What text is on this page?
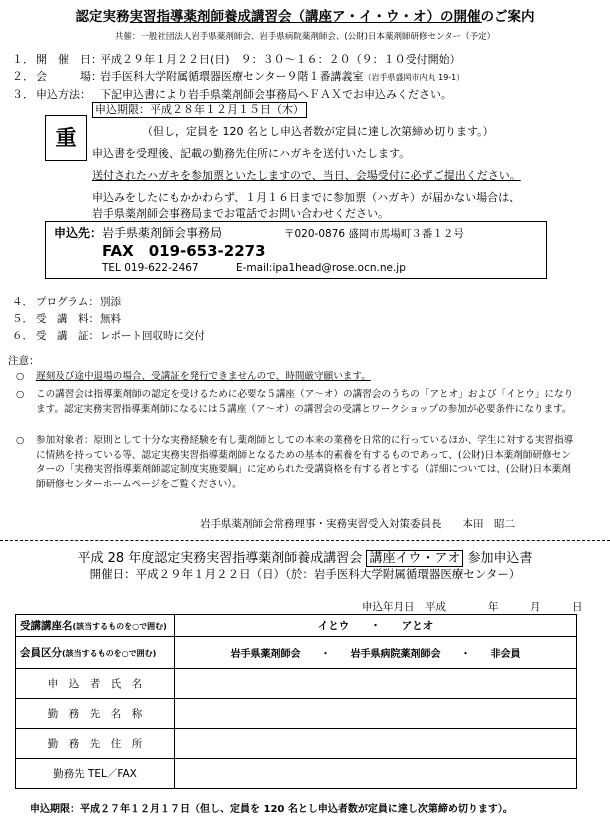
認定実務実習指導薬剤師養成講習会（講座ア・イ・ウ・オ）の開催のご案内
共催：一般社団法人岩手県薬剤師会、岩手県病院薬剤師会、(公財)日本薬剤師研修センター（予定）
１． 開　催　日：平成２９年１月２２日(日)　９：３０～１６：２０（９：１０受付開始）
２． 会　　　場：岩手医科大学附属循環器医療センター９階１番講義室（岩手県盛岡市内丸 19-1）
３． 申込方法： 下記申込書により岩手県薬剤師会事務局へＦＡＸでお申込みください。
重
申込期限：平成２８年１２月１５日（木）
（但し，定員を 120 名とし申込者数が定員に達し次第締め切ります。）
申込書を受理後、記載の勤務先住所にハガキを送付いたします。
送付されたハガキを参加票といたしますので、当日、会場受付に必ずご提出ください。
申込みをしたにもかかわらず、１月１６日までに参加票（ハガキ）が届かない場合は、
岩手県薬剤師会事務局までお電話でお問い合わせください。
申込先： 岩手県薬剤師会事務局	〒020-0876 盛岡市馬場町３番１２号
FAX　019-653-2273
TEL 019-622-2467	E-mail:ipa1head@rose.ocn.ne.jp
４． プログラム：別添
５． 受　講　料：無料
６． 受　講　証：レポート回収時に交付
注意：
○ 遅刻及び途中退場の場合、受講証を発行できませんので、時間厳守願います。
○ この講習会は指導薬剤師の認定を受けるために必要な５講座（ア～オ）の講習会のうちの「アとオ」および「イとウ」になります。認定実務実習指導薬剤師になるには５講座（ア～オ）の講習会の受講とワークショップの参加が必要条件になります。
○ 参加対象者：原則として十分な実務経験を有し薬剤師としての本来の業務を日常的に行っているほか、学生に対する実習指導に情熱を持っている等、認定実務実習指導薬剤師となるための基本的素養を有するものであって、(公財)日本薬剤師研修センターの「実務実習指導薬剤師認定制度実施要綱」に定められた受講資格を有する者とする（詳細については、(公財)日本薬剤師研修センターホームページをご覧ください）。
岩手県薬剤師会常務理事・実務実習受入対策委員長　　本田　昭二
平成 28 年度認定実務実習指導薬剤師養成講習会 講座イウ・アオ 参加申込書
開催日：平成２９年１月２２日（日）（於：岩手医科大学附属循環器医療センター）
申込年月日　平成　　　　年　　　月　　　日
受講講座名(該当するものを○で囲む)	イとウ　　・　　アとオ
会員区分(該当するものを○で囲む)	岩手県薬剤師会　　・　　岩手県病院薬剤師会　　・　　非会員
申　込　者　氏　名	
勤　務　先　名　称	
勤　務　先　住　所	
勤務先 TEL／FAX	
申込期限：平成２７年１２月１７日（但し、定員を 120 名とし申込者数が定員に達し次第締め切ります）。
